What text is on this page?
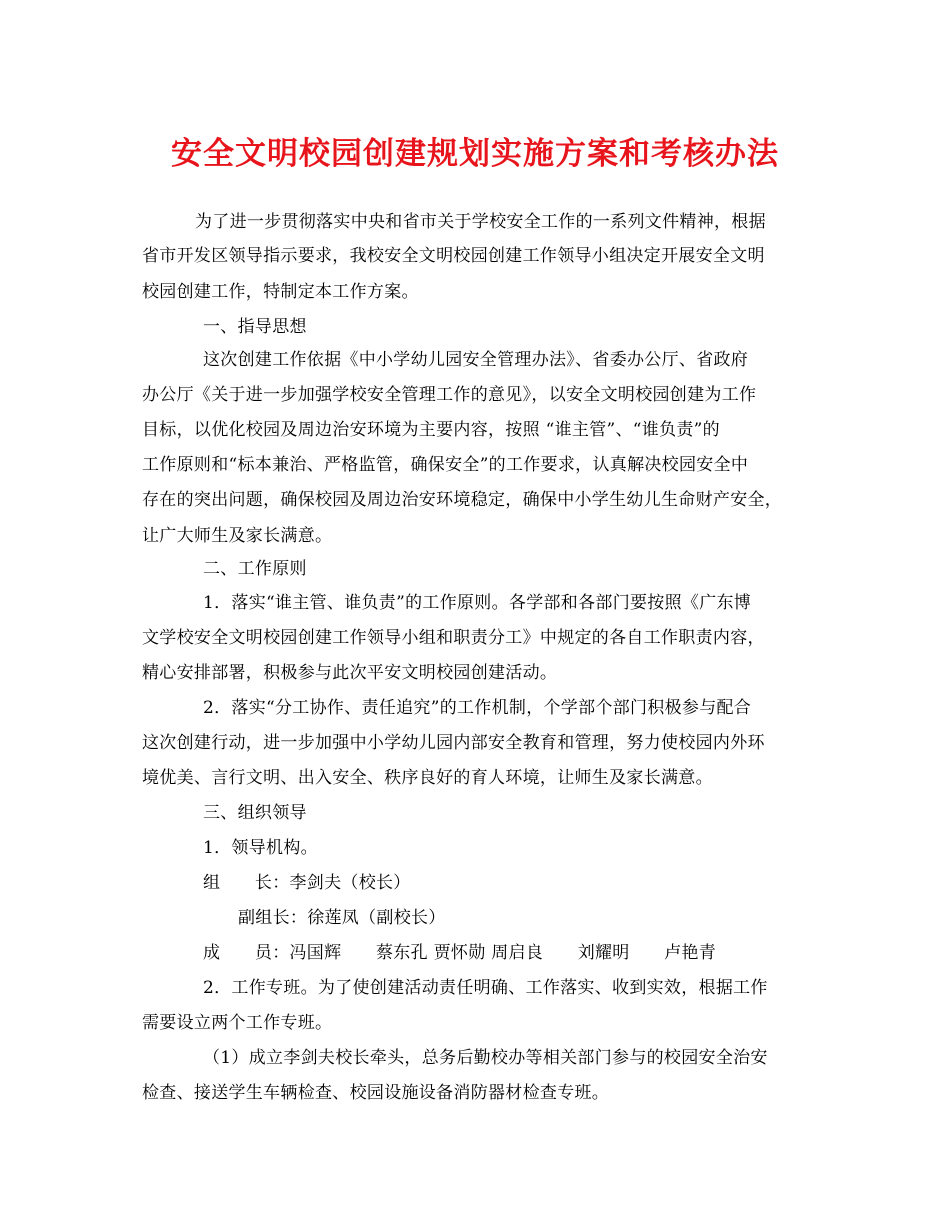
安全文明校园创建规划实施方案和考核办法
为了进一步贯彻落实中央和省市关于学校安全工作的一系列文件精神，根据
省市开发区领导指示要求，我校安全文明校园创建工作领导小组决定开展安全文明
校园创建工作，特制定本工作方案。
一、指导思想
这次创建工作依据《中小学幼儿园安全管理办法》、省委办公厅、省政府
办公厅《关于进一步加强学校安全管理工作的意见》，以安全文明校园创建为工作
目标，以优化校园及周边治安环境为主要内容，按照 “谁主管”、“谁负责”的
工作原则和“标本兼治、严格监管，确保安全”的工作要求，认真解决校园安全中
存在的突出问题，确保校园及周边治安环境稳定，确保中小学生幼儿生命财产安全，
让广大师生及家长满意。
二、工作原则
1．落实“谁主管、谁负责”的工作原则。各学部和各部门要按照《广东博
文学校安全文明校园创建工作领导小组和职责分工》中规定的各自工作职责内容，
精心安排部署，积极参与此次平安文明校园创建活动。
2．落实“分工协作、责任追究”的工作机制，个学部个部门积极参与配合
这次创建行动，进一步加强中小学幼儿园内部安全教育和管理，努力使校园内外环
境优美、言行文明、出入安全、秩序良好的育人环境，让师生及家长满意。
三、组织领导
1．领导机构。
组　　长：李剑夫（校长）
副组长：徐莲凤（副校长）
成　　员：冯国辉　　蔡东孔 贾怀勋 周启良　　刘耀明　　卢艳青
2．工作专班。为了使创建活动责任明确、工作落实、收到实效，根据工作
需要设立两个工作专班。
（1）成立李剑夫校长牵头，总务后勤校办等相关部门参与的校园安全治安
检查、接送学生车辆检查、校园设施设备消防器材检查专班。
